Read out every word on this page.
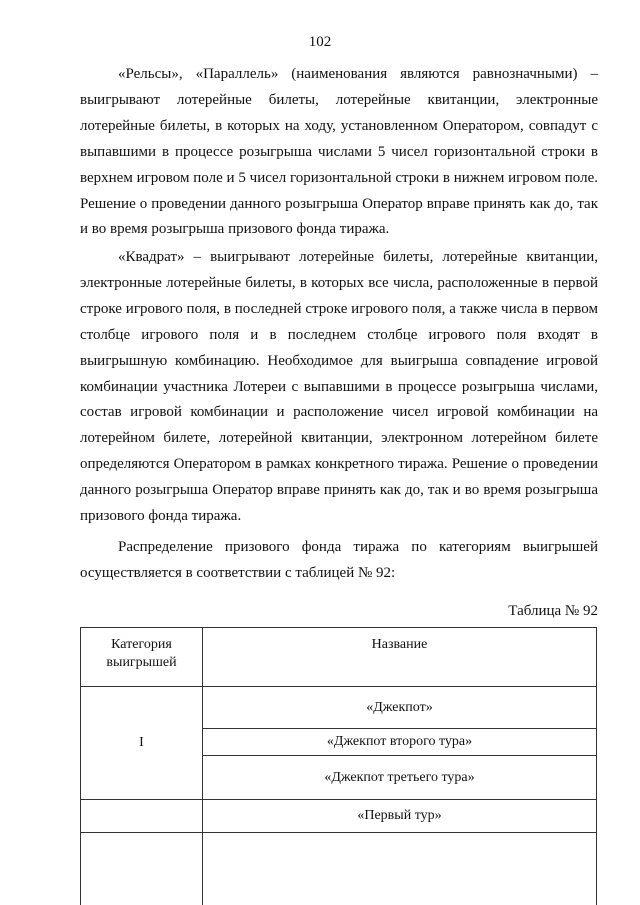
102

«Рельсы», «Параллель» (наименования являются равнозначными) – выигрывают лотерейные билеты, лотерейные квитанции, электронные лотерейные билеты, в которых на ходу, установленном Оператором, совпадут с выпавшими в процессе розыгрыша числами 5 чисел горизонтальной строки в верхнем игровом поле и 5 чисел горизонтальной строки в нижнем игровом поле. Решение о проведении данного розыгрыша Оператор вправе принять как до, так и во время розыгрыша призового фонда тиража.

«Квадрат» – выигрывают лотерейные билеты, лотерейные квитанции, электронные лотерейные билеты, в которых все числа, расположенные в первой строке игрового поля, в последней строке игрового поля, а также числа в первом столбце игрового поля и в последнем столбце игрового поля входят в выигрышную комбинацию. Необходимое для выигрыша совпадение игровой комбинации участника Лотереи с выпавшими в процессе розыгрыша числами, состав игровой комбинации и расположение чисел игровой комбинации на лотерейном билете, лотерейной квитанции, электронном лотерейном билете определяются Оператором в рамках конкретного тиража. Решение о проведении данного розыгрыша Оператор вправе принять как до, так и во время розыгрыша призового фонда тиража.

Распределение призового фонда тиража по категориям выигрышей осуществляется в соответствии с таблицей № 92:

Таблица № 92
Категория выигрышей	Название
I	«Джекпот»
	«Джекпот второго тура»
	«Джекпот третьего тура»
	«Первый тур»
